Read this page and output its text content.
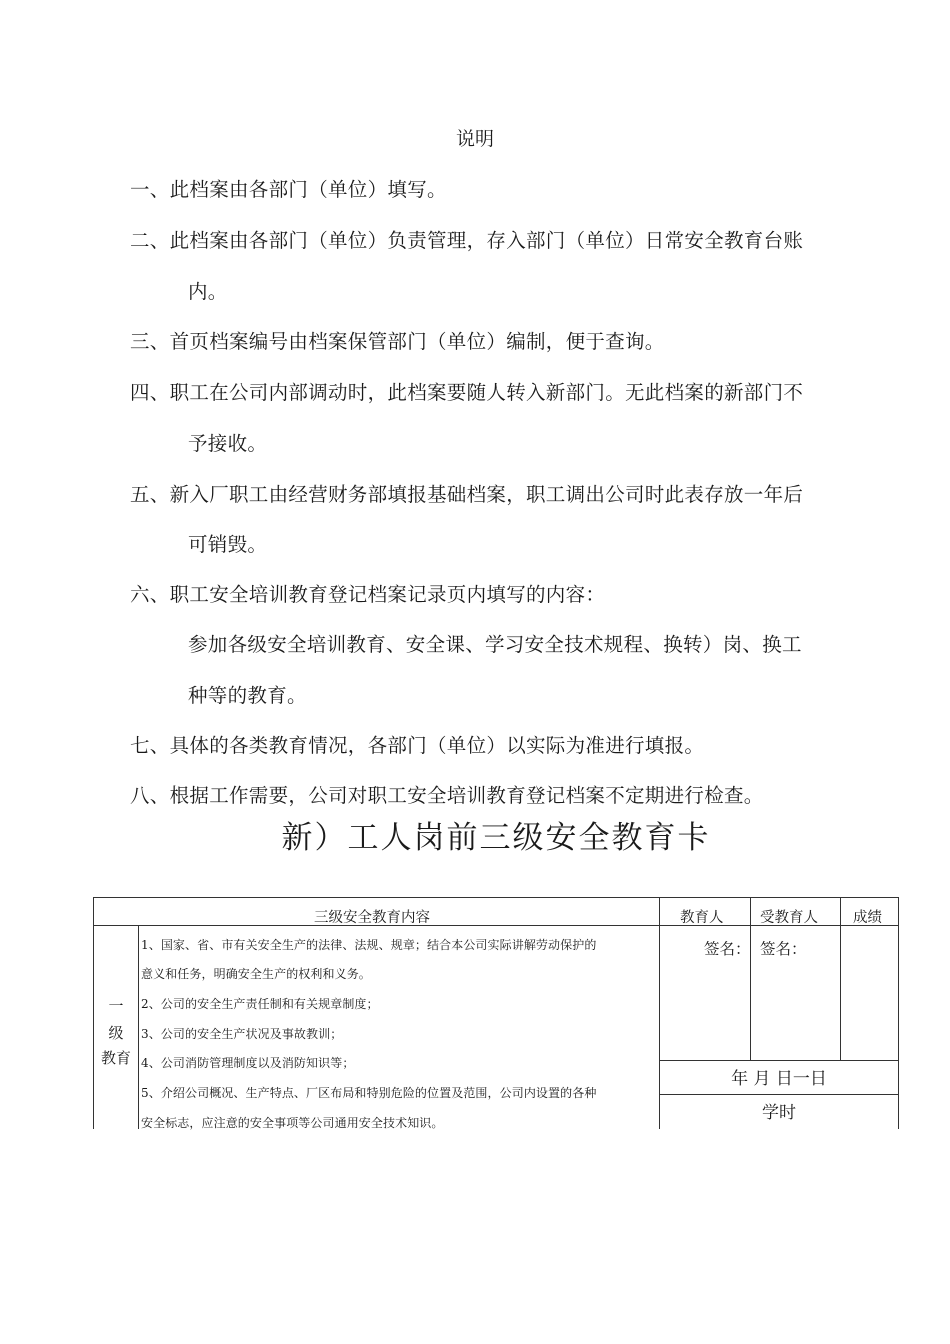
说明
一、此档案由各部门（单位）填写。
二、此档案由各部门（单位）负责管理，存入部门（单位）日常安全教育台账
内。
三、首页档案编号由档案保管部门（单位）编制，便于查询。
四、职工在公司内部调动时，此档案要随人转入新部门。无此档案的新部门不
予接收。
五、新入厂职工由经营财务部填报基础档案，职工调出公司时此表存放一年后
可销毁。
六、职工安全培训教育登记档案记录页内填写的内容：
参加各级安全培训教育、安全课、学习安全技术规程、换转）岗、换工
种等的教育。
七、具体的各类教育情况，各部门（单位）以实际为准进行填报。
八、根据工作需要，公司对职工安全培训教育登记档案不定期进行检查。
新）工人岗前三级安全教育卡
三级安全教育内容	教育人	受教育人 成绩
一
级
教育
1、国家、省、市有关安全生产的法律、法规、规章；结合本公司实际讲解劳动保护的
意义和任务，明确安全生产的权利和义务。
2、公司的安全生产责任制和有关规章制度；
3、公司的安全生产状况及事故教训；
4、公司消防管理制度以及消防知识等；
5、介绍公司概况、生产特点、厂区布局和特别危险的位置及范围，公司内设置的各种
安全标志，应注意的安全事项等公司通用安全技术知识。
签名： 签名：
年 月 日一日
学时
